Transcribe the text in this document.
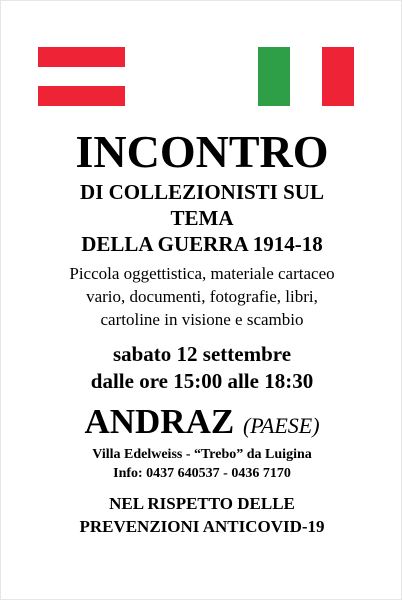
INCONTRO
DI COLLEZIONISTI SUL
TEMA
DELLA GUERRA 1914-18
Piccola oggettistica, materiale cartaceo
vario, documenti, fotografie, libri,
cartoline in visione e scambio
sabato 12 settembre
dalle ore 15:00 alle 18:30
ANDRAZ (PAESE)
Villa Edelweiss - “Trebo” da Luigina
Info: 0437 640537 - 0436 7170
NEL RISPETTO DELLE
PREVENZIONI ANTICOVID-19
